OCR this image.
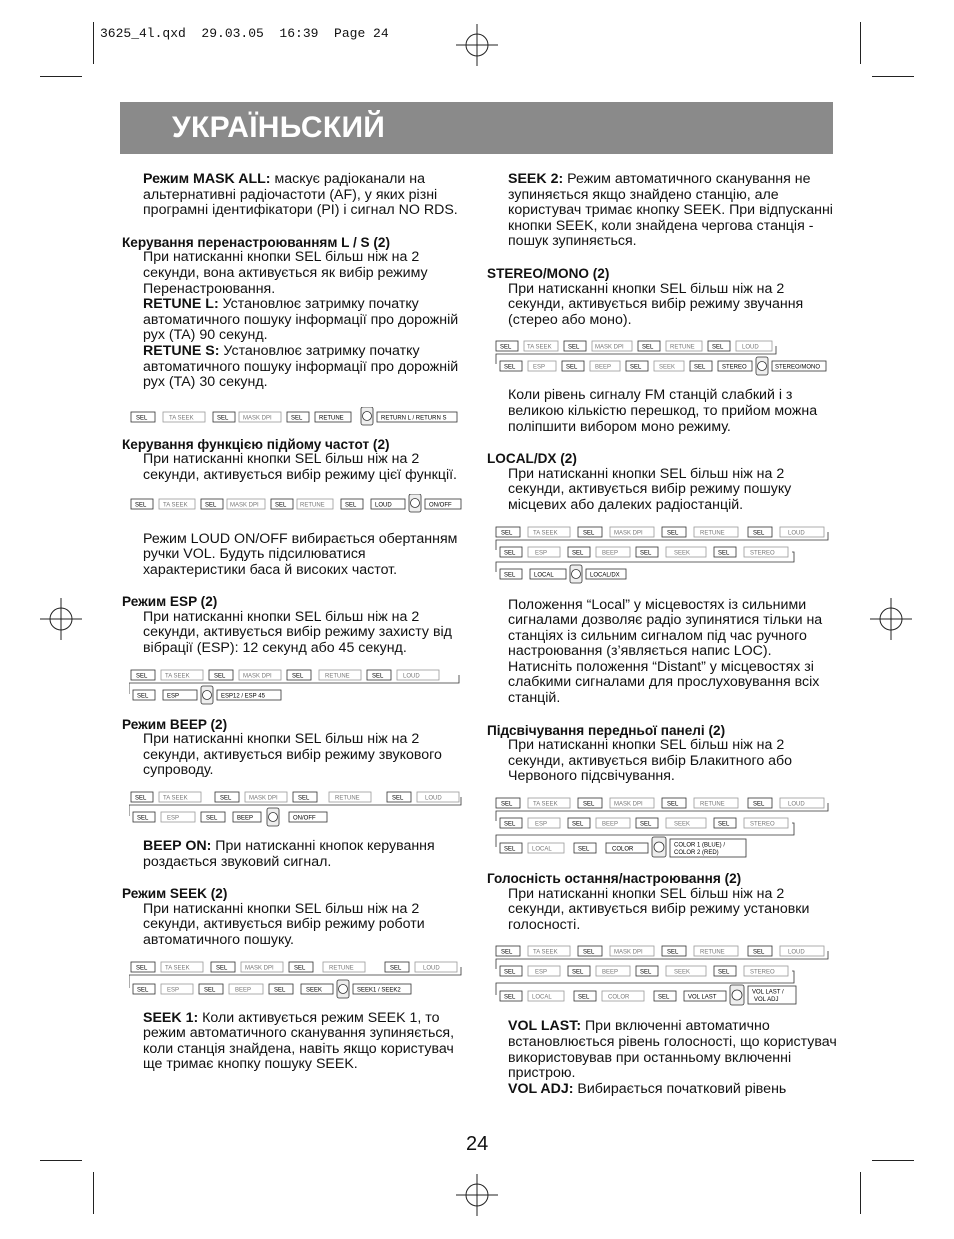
3625_4l.qxd  29.03.05  16:39  Page 24
УКРАЇНЬСКИЙ

Режим MASK ALL: маскує радіоканали на альтернативні радіочастоти (AF), у яких різні програмні ідентифікатори (PI) і сигнал NO RDS.

Керування перенастроюванням L / S (2)

При натисканні кнопки SEL більш ніж на 2 секунди, вона активується як вибір режиму Перенастроювання.

RETUNE L: Установлює затримку початку автоматичного пошуку інформації про дорожній рух (TA) 90 секунд.

RETUNE S: Установлює затримку початку автоматичного пошуку інформації про дорожній рух (TA) 30 секунд.

SEL	TA SEEK	SEL MASK DPI	SEL	RETUNE	RETURN L / RETURN S

Керування функцією підйому частот (2)

При натисканні кнопки SEL більш ніж на 2 секунди, активується вибір режиму цієї функції.

SEL	TA SEEK	SEL MASK DPI	SEL RETUNE	SEL	LOUD	ON/OFF

Режим LOUD ON/OFF вибирається обертанням ручки VOL. Будуть підсилюватися характеристики баса й високих частот.

Режим ESP (2)

При натисканні кнопки SEL більш ніж на 2 секунди, активується вибір режиму захисту від вібрації (ESP): 12 секунд або 45 секунд.

SEL	TA SEEK	SEL	MASK DPI	SEL	RETUNE	SEL	LOUD
SEL	ESP	ESP12 / ESP 45

Режим BEEP (2)

При натисканні кнопки SEL більш ніж на 2 секунди, активується вибір режиму звукового супроводу.

SEL	TA SEEK	SEL	MASK DPI	SEL	RETUNE	SEL	LOUD
SEL	ESP	SEL	BEEP	ON/OFF

BEEP ON: При натисканні кнопок керування роздається звуковий сигнал.

Режим SEEK (2)

При натисканні кнопки SEL більш ніж на 2 секунди, активується вибір режиму роботи автоматичного пошуку.

SEL	TA SEEK	SEL	MASK DPI	SEL	RETUNE	SEL	LOUD
SEL	ESP	SEL	BEEP	SEL	SEEK	SEEK1 / SEEK2

SEEK 1: Коли активується режим SEEK 1, то режим автоматичного сканування зупиняється, коли станція знайдена, навіть якщо користувач ще тримає кнопку пошуку SEEK.

SEEK 2: Режим автоматичного сканування не зупиняється якщо знайдено станцію, але користувач тримає кнопку SEEK. При відпусканні кнопки SEEK, коли знайдена чергова станція - пошук зупиняється.

STEREO/MONO (2)

При натисканні кнопки SEL більш ніж на 2 секунди, активується вибір режиму звучання (стерео або моно).

SEL	TA SEEK	SEL	MASK DPI	SEL	RETUNE	SEL	LOUD
SEL	ESP	SEL	BEEP	SEL	SEEK	SEL	STEREO	STEREO/MONO

Коли рівень сигналу FM станцій слабкий і з великою кількістю перешкод, то прийом можна поліпшити вибором моно режиму.

LOCAL/DX (2)

При натисканні кнопки SEL більш ніж на 2 секунди, активується вибір режиму пошуку місцевих або далеких радіостанцій.

SEL	TA SEEK	SEL	MASK DPI	SEL	RETUNE	SEL	LOUD
SEL	ESP	SEL	BEEP	SEL	SEEK	SEL	STEREO
SEL	LOCAL	LOCAL/DX

Положення “Local” у місцевостях із сильними сигналами дозволяє радіо зупинятися тільки на станціях із сильним сигналом під час ручного настроювання (з’являється напис LOC). Натисніть положення “Distant” у місцевостях зі слабкими сигналами для прослуховування всіх станцій.

Підсвічування передньої панелі (2)

При натисканні кнопки SEL більш ніж на 2 секунди, активується вибір Блакитного або Червоного підсвічування.

SEL	TA SEEK	SEL	MASK DPI	SEL	RETUNE	SEL	LOUD
SEL	ESP	SEL	BEEP	SEL	SEEK	SEL	STEREO
SEL	LOCAL	SEL	COLOR
COLOR 1 (BLUE) /
COLOR 2 (RED)

Голосність остання/настроювання (2)

При натисканні кнопки SEL більш ніж на 2 секунди, активується вибір режиму установки голосності.

SEL	TA SEEK	SEL	MASK DPI	SEL	RETUNE	SEL	LOUD
SEL	ESP	SEL	BEEP	SEL	SEEK	SEL	STEREO
SEL	LOCAL	SEL	COLOR	SEL	VOL LAST
VOL LAST /
VOL ADJ

VOL LAST: При включенні автоматично встановлюється рівень голосності, що користувач використовував при останньому включенні пристрою.

VOL ADJ: Вибирається початковий рівень

24
